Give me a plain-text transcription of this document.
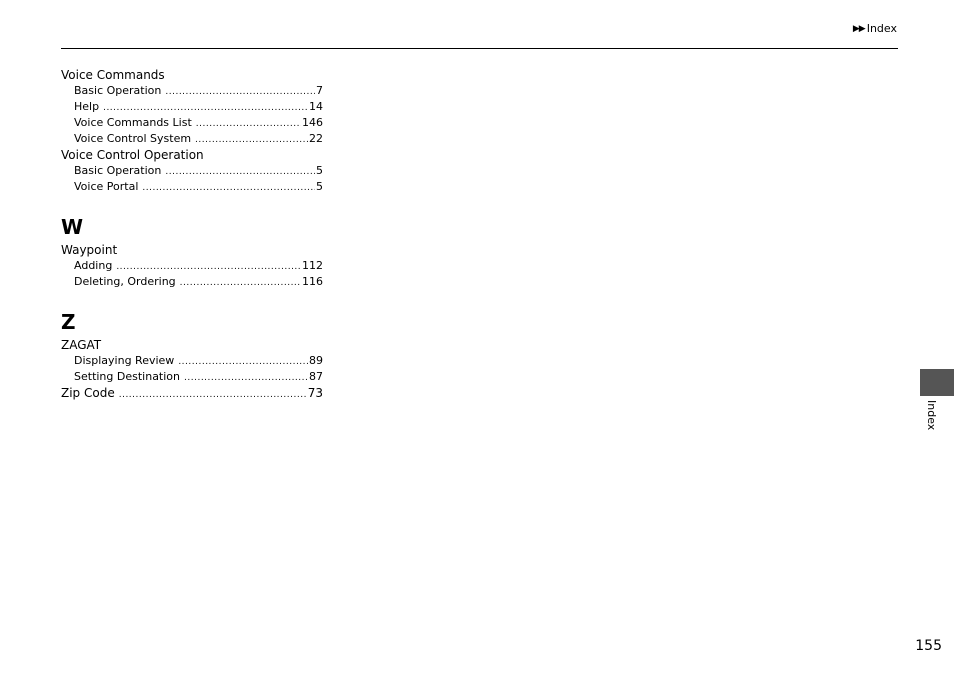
▶▶ Index
Voice Commands
Basic Operation .....	7
Help .....	14
Voice Commands List .....	146
Voice Control System .....	22
Voice Control Operation
Basic Operation .....	5
Voice Portal .....	5
W
Waypoint
Adding .....	112
Deleting, Ordering .....	116
Z
ZAGAT
Displaying Review .....	89
Setting Destination .....	87
Zip Code .....	73
Index
155
